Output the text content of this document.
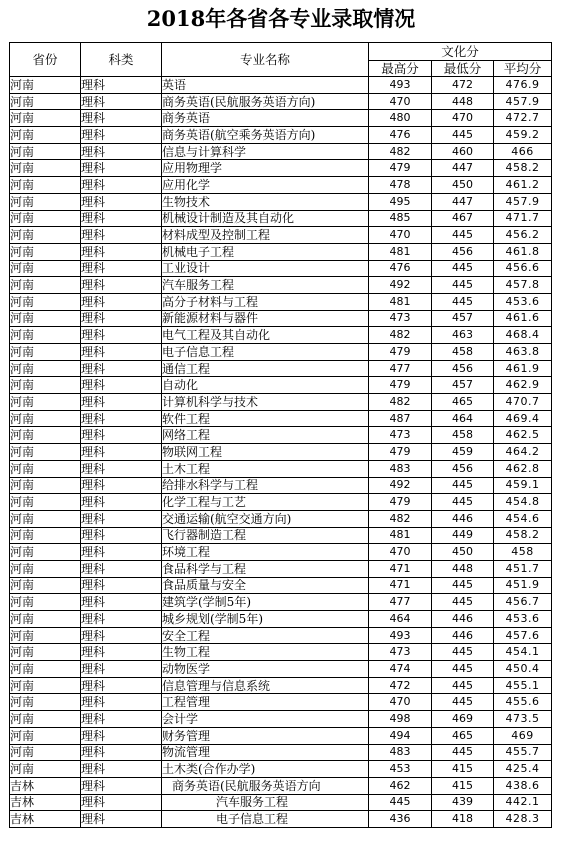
2018年各省各专业录取情况
省份	科类	专业名称	文化分		
			最高分	最低分	平均分
河南	理科	英语	493	472	476.9
河南	理科	商务英语(民航服务英语方向)	470	448	457.9
河南	理科	商务英语	480	470	472.7
河南	理科	商务英语(航空乘务英语方向)	476	445	459.2
河南	理科	信息与计算科学	482	460	466
河南	理科	应用物理学	479	447	458.2
河南	理科	应用化学	478	450	461.2
河南	理科	生物技术	495	447	457.9
河南	理科	机械设计制造及其自动化	485	467	471.7
河南	理科	材料成型及控制工程	470	445	456.2
河南	理科	机械电子工程	481	456	461.8
河南	理科	工业设计	476	445	456.6
河南	理科	汽车服务工程	492	445	457.8
河南	理科	高分子材料与工程	481	445	453.6
河南	理科	新能源材料与器件	473	457	461.6
河南	理科	电气工程及其自动化	482	463	468.4
河南	理科	电子信息工程	479	458	463.8
河南	理科	通信工程	477	456	461.9
河南	理科	自动化	479	457	462.9
河南	理科	计算机科学与技术	482	465	470.7
河南	理科	软件工程	487	464	469.4
河南	理科	网络工程	473	458	462.5
河南	理科	物联网工程	479	459	464.2
河南	理科	土木工程	483	456	462.8
河南	理科	给排水科学与工程	492	445	459.1
河南	理科	化学工程与工艺	479	445	454.8
河南	理科	交通运输(航空交通方向)	482	446	454.6
河南	理科	飞行器制造工程	481	449	458.2
河南	理科	环境工程	470	450	458
河南	理科	食品科学与工程	471	448	451.7
河南	理科	食品质量与安全	471	445	451.9
河南	理科	建筑学(学制5年)	477	445	456.7
河南	理科	城乡规划(学制5年)	464	446	453.6
河南	理科	安全工程	493	446	457.6
河南	理科	生物工程	473	445	454.1
河南	理科	动物医学	474	445	450.4
河南	理科	信息管理与信息系统	472	445	455.1
河南	理科	工程管理	470	445	455.6
河南	理科	会计学	498	469	473.5
河南	理科	财务管理	494	465	469
河南	理科	物流管理	483	445	455.7
河南	理科	土木类(合作办学)	453	415	425.4
吉林	理科	商务英语(民航服务英语方向	462	415	438.6
吉林	理科	汽车服务工程	445	439	442.1
吉林	理科	电子信息工程	436	418	428.3
